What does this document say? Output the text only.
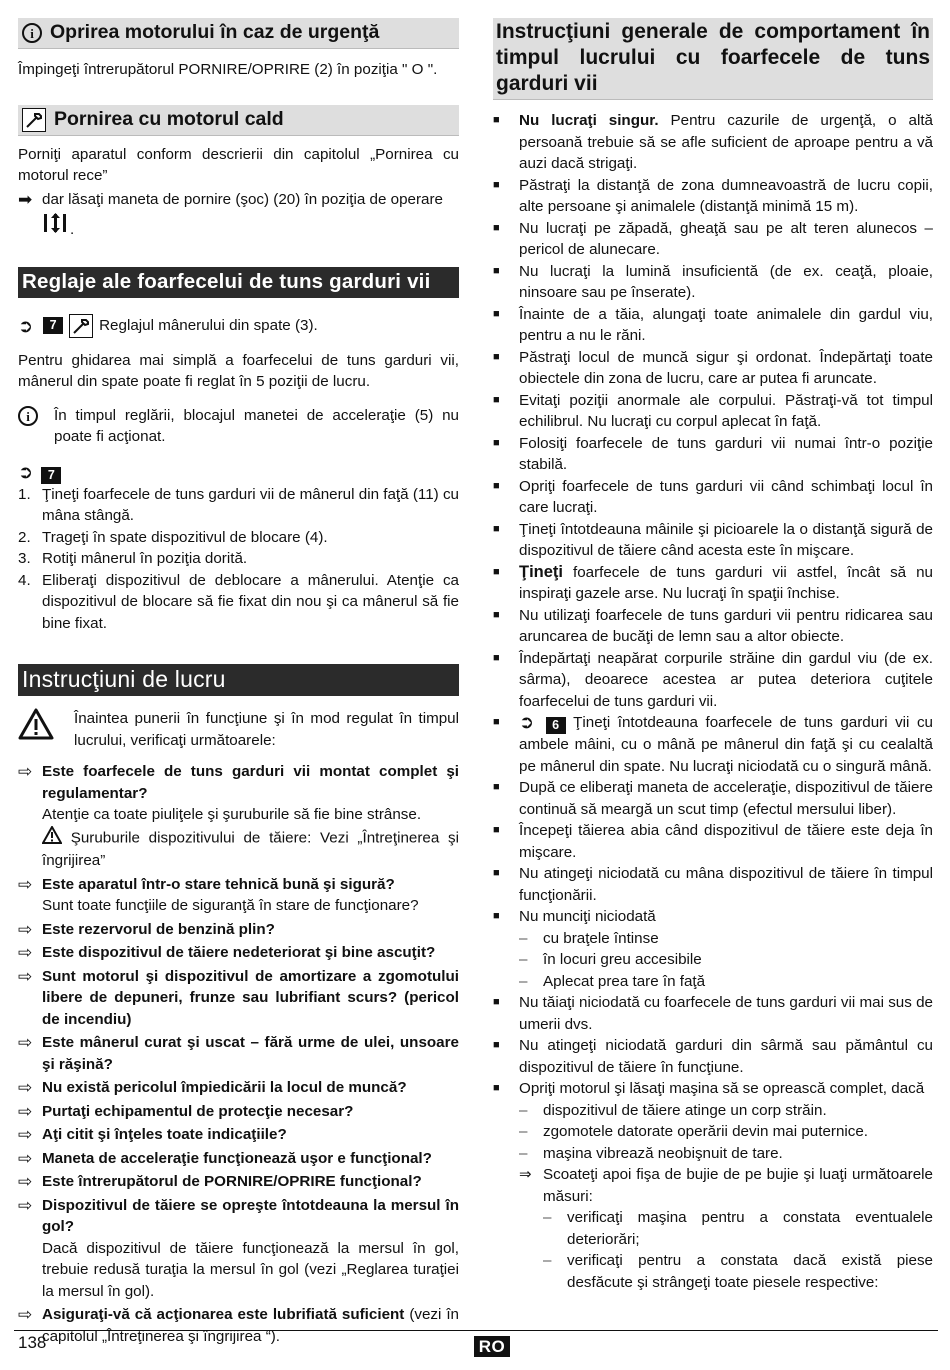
i Oprirea motorului în caz de urgenţă

Împingeţi întrerupătorul PORNIRE/OPRIRE (2) în poziţia " O ".

Pornirea cu motorul cald

Porniţi aparatul conform descrierii din capitolul „Pornirea cu motorul rece”

➡ dar lăsaţi maneta de pornire (şoc) (20) în poziţia de operare
.
Reglaje ale foarfecelui de tuns garduri vii
➲	7	Reglajul mânerului din spate (3).

Pentru ghidarea mai simplă a foarfecelui de tuns garduri vii, mânerul din spate poate fi reglat în 5 poziţii de lucru.

i	În timpul reglării, blocajul manetei de acceleraţie (5) nu poate fi acţionat.
➲ 7
1. Ţineţi foarfecele de tuns garduri vii de mânerul din faţă (11) cu mâna stângă.
2. Trageţi în spate dispozitivul de blocare (4).
3. Rotiţi mânerul în poziţia dorită.
4. Eliberaţi dispozitivul de deblocare a mânerului. Atenţie ca dispozitivul de blocare să fie fixat din nou şi ca mânerul să fie bine fixat.
Instrucţiuni de lucru
Înaintea punerii în funcţiune şi în mod regulat în timpul lucrului, verificaţi următoarele:
⇨ Este foarfecele de tuns garduri vii montat complet şi regulamentar?
Atenţie ca toate piuliţele şi şuruburile să fie bine strânse.
Şuruburile dispozitivului de tăiere: Vezi „Întreţinerea şi îngrijirea”
⇨ Este aparatul într-o stare tehnică bună şi sigură?
Sunt toate funcţiile de siguranţă în stare de funcţionare?
⇨ Este rezervorul de benzină plin?
⇨ Este dispozitivul de tăiere nedeteriorat şi bine ascuţit?
⇨ Sunt motorul şi dispozitivul de amortizare a zgomotului libere de depuneri, frunze sau lubrifiant scurs? (pericol de incendiu)
⇨ Este mânerul curat şi uscat – fără urme de ulei, unsoare şi răşină?
⇨ Nu există pericolul împiedicării la locul de muncă?
⇨ Purtaţi echipamentul de protecţie necesar?
⇨ Aţi citit şi înţeles toate indicaţiile?
⇨ Maneta de acceleraţie funcţionează uşor e funcţional?
⇨ Este întrerupătorul de PORNIRE/OPRIRE funcţional?
⇨ Dispozitivul de tăiere se opreşte întotdeauna la mersul în gol?
Dacă dispozitivul de tăiere funcţionează la mersul în gol, trebuie redusă turaţia la mersul în gol (vezi „Reglarea turaţiei la mersul în gol).
⇨ Asiguraţi-vă că acţionarea este lubrifiată suficient (vezi în capitolul „Întreţinerea şi îngrijirea “).
Instrucţiuni generale de comportament în timpul lucrului cu foarfecele de tuns garduri vii
■	Nu lucraţi singur. Pentru cazurile de urgenţă, o altă persoană trebuie să se afle suficient de aproape pentru a vă auzi dacă strigaţi.
■	Păstraţi la distanţă de zona dumneavoastră de lucru copii, alte persoane şi animalele (distanţă minimă 15 m).
■	Nu lucraţi pe zăpadă, gheaţă sau pe alt teren alunecos – pericol de alunecare.
■	Nu lucraţi la lumină insuficientă (de ex. ceaţă, ploaie, ninsoare sau pe înserate).
■	Înainte de a tăia, alungaţi toate animalele din gardul viu, pentru a nu le răni.
■	Păstraţi locul de muncă sigur şi ordonat. Îndepărtaţi toate obiectele din zona de lucru, care ar putea fi aruncate.
■	Evitaţi poziţii anormale ale corpului. Păstraţi-vă tot timpul echilibrul. Nu lucraţi cu corpul aplecat în faţă.
■	Folosiţi foarfecele de tuns garduri vii numai într-o poziţie stabilă.
■	Opriţi foarfecele de tuns garduri vii când schimbaţi locul în care lucraţi.
■	Ţineţi întotdeauna mâinile şi picioarele la o distanţă sigură de dispozitivul de tăiere când acesta este în mişcare.
■	Ţineţi foarfecele de tuns garduri vii astfel, încât să nu inspiraţi gazele arse. Nu lucraţi în spaţii închise.
■	Nu utilizaţi foarfecele de tuns garduri vii pentru ridicarea sau aruncarea de bucăţi de lemn sau a altor obiecte.
■	Îndepărtaţi neapărat corpurile străine din gardul viu (de ex. sârma), deoarece acestea ar putea deteriora cuţitele foarfecelui de tuns garduri vii.
■	➲ 6 Ţineţi întotdeauna foarfecele de tuns garduri vii cu ambele mâini, cu o mână pe mânerul din faţă şi cu cealaltă pe mânerul din spate. Nu lucraţi niciodată cu o singură mână.
■	După ce eliberaţi maneta de acceleraţie, dispozitivul de tăiere continuă să meargă un scut timp (efectul mersului liber).
■	Începeţi tăierea abia când dispozitivul de tăiere este deja în mişcare.
■	Nu atingeţi niciodată cu mâna dispozitivul de tăiere în timpul funcţionării.
■	Nu munciţi niciodată
–	cu braţele întinse
–	în locuri greu accesibile
–	Aplecat prea tare în faţă
■	Nu tăiaţi niciodată cu foarfecele de tuns garduri vii mai sus de umerii dvs.
■	Nu atingeţi niciodată garduri din sârmă sau pământul cu dispozitivul de tăiere în funcţiune.
■	Opriţi motorul şi lăsaţi maşina să se oprească complet, dacă
–	dispozitivul de tăiere atinge un corp străin.
–	zgomotele datorate operării devin mai puternice.
–	maşina vibrează neobişnuit de tare.
⇒ Scoateţi apoi fişa de bujie de pe bujie şi luaţi următoarele măsuri:
–	verificaţi maşina pentru a constata eventualele deteriorări;
–	verificaţi pentru a constata dacă există piese desfăcute şi strângeţi toate piesele respective:
138	RO
